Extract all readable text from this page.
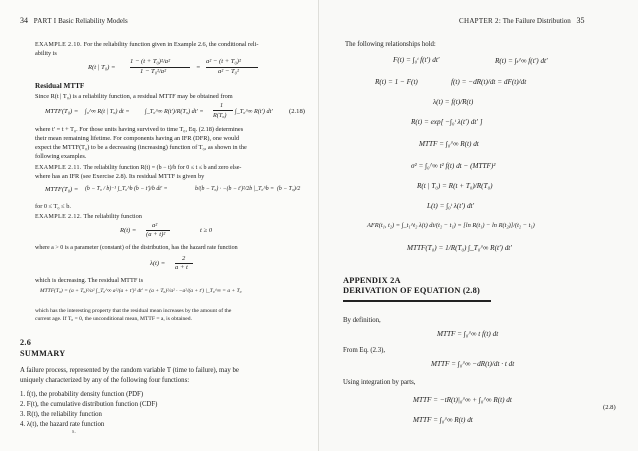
34 PART I Basic Reliability Models
EXAMPLE 2.10. For the reliability function given in Example 2.6, the conditional reli-
ability is
R(t | T₀) =
1 − (t + T₀)²/a²
1 − T₀²/a²
=
a² − (t + T₀)²
a² − T₀²
Residual MTTF
Since R(t | T₀) is a reliability function, a residual MTTF may be obtained from
MTTF(T₀) = ∫₀^∞ R(t | T₀) dt = ∫_T₀^∞ R(t′)/R(T₀) dt′ =
1
R(T₀)
∫_T₀^∞ R(t′) dt′ (2.18)
where t′ = t + T₀. For those units having survived to time T₀, Eq. (2.18) determines
their mean remaining lifetime. For components having an IFR (DFR), one would
expect the MTTF(T₀) to be a decreasing (increasing) function of T₀, as shown in the
following examples.
EXAMPLE 2.11. The reliability function R(t) = (b − t)/b for 0 ≤ t ≤ b and zero else-
where has an IFR (see Exercise 2.8). Its residual MTTF is given by
MTTF(T₀) = (b − T₀ / b)⁻¹ ∫_T₀^b (b − t′)/b dt′ =	b/(b − T₀) · −(b − t′)²/2b |_T₀^b = (b − T₀)/2
for 0 ≤ T₀ ≤ b.
EXAMPLE 2.12. The reliability function
R(t) =
a²
(a + t)²
t ≥ 0
where a > 0 is a parameter (constant) of the distribution, has the hazard rate function
λ(t) =
2
a + t
which is decreasing. The residual MTTF is
MTTF(T₀) = (a + T₀)²/a² ∫_T₀^∞ a²/(a + t′)² dt′ = (a + T₀)²/a² · −a²/(a + t′) |_T₀^∞ = a + T₀
which has the interesting property that the residual mean increases by the amount of the
current age. If T₀ = 0, the unconditional mean, MTTF = a, is obtained.
2.6
SUMMARY
A failure process, represented by the random variable T (time to failure), may be
uniquely characterized by any of the following four functions:
1. f(t), the probability density function (PDF)
2. F(t), the cumulative distribution function (CDF)
3. R(t), the reliability function
4. λ(t), the hazard rate function
s.
CHAPTER 2: The Failure Distribution 35
The following relationships hold:
F(t) = ∫₀ᵗ f(t′) dt′	R(t) = ∫ₜ^∞ f(t′) dt′
R(t) = 1 − F(t)	f(t) = −dR(t)/dt = dF(t)/dt
λ(t) = f(t)/R(t)
R(t) = exp[ −∫₀ᵗ λ(t′) dt′ ]
MTTF = ∫₀^∞ R(t) dt
σ² = ∫₀^∞ t² f(t) dt − (MTTF)²
R(t | T₀) = R(t + T₀)/R(T₀)
L(t) = ∫₀ᵗ λ(t′) dt′
AFR(t₁, t₂) = ∫_t₁^t₂ λ(t) dt/(t₂ − t₁) = [ln R(t₁) − ln R(t₂)]/(t₂ − t₁)
MTTF(T₀) = 1/R(T₀) ∫_T₀^∞ R(t′) dt′
APPENDIX 2A
DERIVATION OF EQUATION (2.8)
By definition,
MTTF = ∫₀^∞ t f(t) dt
From Eq. (2.3),
MTTF = ∫₀^∞ −dR(t)/dt · t dt
Using integration by parts,
MTTF = −tR(t)|₀^∞ + ∫₀^∞ R(t) dt
(2.8)
MTTF = ∫₀^∞ R(t) dt
